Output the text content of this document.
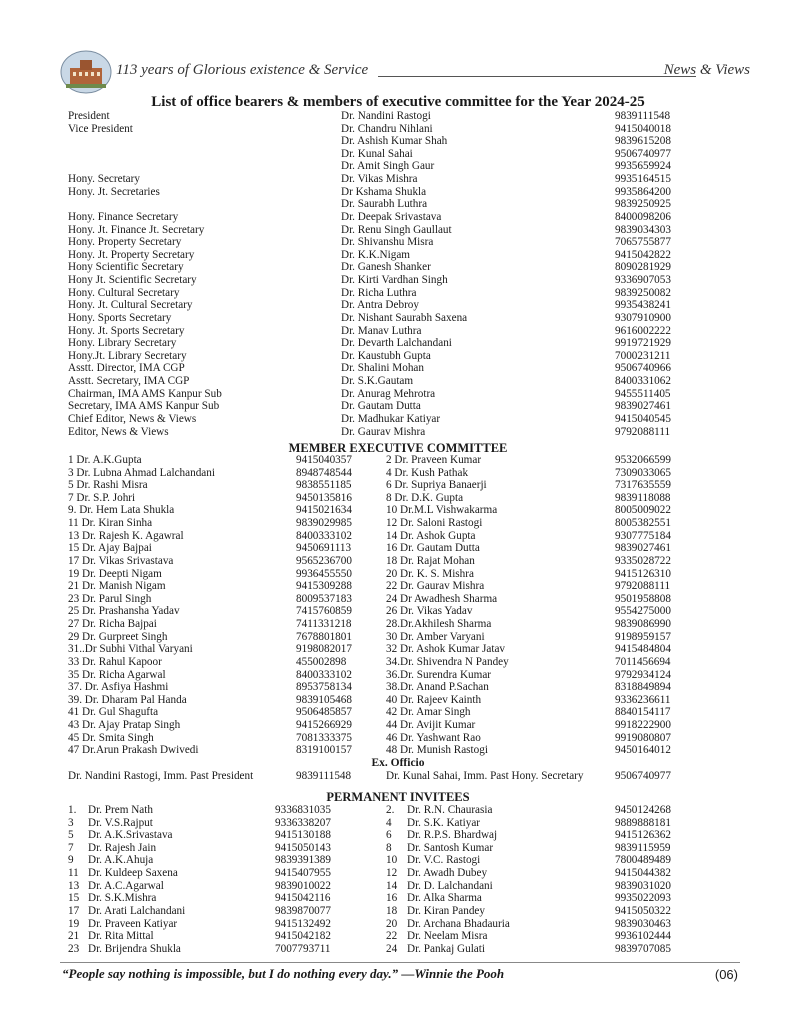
113 years of Glorious existence & Service	News & Views
List of office bearers & members of executive committee for the Year 2024-25
President	Dr. Nandini Rastogi	9839111548
Vice President	Dr. Chandru Nihlani	9415040018
Dr. Ashish Kumar Shah	9839615208
Dr. Kunal Sahai	9506740977
Dr. Amit Singh Gaur	9935659924
Hony. Secretary	Dr. Vikas Mishra	9935164515
Hony. Jt. Secretaries	Dr Kshama Shukla	9935864200
Dr. Saurabh Luthra	9839250925
Hony. Finance Secretary	Dr. Deepak Srivastava	8400098206
Hony. Jt. Finance Jt. Secretary	Dr. Renu Singh Gaullaut	9839034303
Hony. Property Secretary	Dr. Shivanshu Misra	7065755877
Hony. Jt. Property Secretary	Dr. K.K.Nigam	9415042822
Hony Scientific Secretary	Dr. Ganesh Shanker	8090281929
Hony Jt. Scientific Secretary	Dr. Kirti Vardhan Singh	9336907053
Hony. Cultural Secretary	Dr. Richa Luthra	9839250082
Hony. Jt. Cultural Secretary	Dr. Antra Debroy	9935438241
Hony. Sports Secretary	Dr. Nishant Saurabh Saxena	9307910900
Hony. Jt. Sports Secretary	Dr. Manav Luthra	9616002222
Hony. Library Secretary	Dr. Devarth Lalchandani	9919721929
Hony.Jt. Library Secretary	Dr. Kaustubh Gupta	7000231211
Asstt. Director, IMA CGP	Dr. Shalini Mohan	9506740966
Asstt. Secretary, IMA CGP	Dr. S.K.Gautam	8400331062
Chairman, IMA AMS Kanpur Sub	Dr. Anurag Mehrotra	9455511405
Secretary, IMA AMS Kanpur Sub	Dr. Gautam Dutta	9839027461
Chief Editor, News & Views	Dr. Madhukar Katiyar	9415040545
Editor, News & Views	Dr. Gaurav Mishra	9792088111
MEMBER EXECUTIVE COMMITTEE
1 Dr. A.K.Gupta	9415040357	2 Dr. Praveen Kumar	9532066599
3 Dr. Lubna Ahmad Lalchandani	8948748544	4 Dr. Kush Pathak	7309033065
5 Dr. Rashi Misra	9838551185	6 Dr. Supriya Banaerji	7317635559
7 Dr. S.P. Johri	9450135816	8 Dr. D.K. Gupta	9839118088
9. Dr. Hem Lata Shukla	9415021634	10 Dr.M.L Vishwakarma	8005009022
11 Dr. Kiran Sinha	9839029985	12 Dr. Saloni Rastogi	8005382551
13 Dr. Rajesh K. Agawral	8400333102	14 Dr. Ashok Gupta	9307775184
15 Dr. Ajay Bajpai	9450691113	16 Dr. Gautam Dutta	9839027461
17 Dr. Vikas Srivastava	9565236700	18 Dr. Rajat Mohan	9335028722
19 Dr. Deepti Nigam	9936455550	20 Dr. K. S. Mishra	9415126310
21 Dr. Manish Nigam	9415309288	22 Dr. Gaurav Mishra	9792088111
23 Dr. Parul Singh	8009537183	24 Dr Awadhesh Sharma	9501958808
25 Dr. Prashansha Yadav	7415760859	26 Dr. Vikas Yadav	9554275000
27 Dr. Richa Bajpai	7411331218	28.Dr.Akhilesh Sharma	9839086990
29 Dr. Gurpreet Singh	7678801801	30 Dr. Amber Varyani	9198959157
31..Dr Subhi Vithal Varyani	9198082017	32 Dr. Ashok Kumar Jatav	9415484804
33 Dr. Rahul Kapoor	455002898	34.Dr. Shivendra N Pandey	7011456694
35 Dr. Richa Agarwal	8400333102	36.Dr. Surendra Kumar	9792934124
37. Dr. Asfiya Hashmi	8953758134	38.Dr. Anand P.Sachan	8318849894
39. Dr. Dharam Pal Handa	9839105468	40 Dr. Rajeev Kainth	9336236611
41 Dr. Gul Shagufta	9506485857	42 Dr. Amar Singh	8840154117
43 Dr. Ajay Pratap Singh	9415266929	44 Dr. Avijit Kumar	9918222900
45 Dr. Smita Singh	7081333375	46 Dr. Yashwant Rao	9919080807
47 Dr.Arun Prakash Dwivedi	8319100157	48 Dr. Munish Rastogi	9450164012
Ex. Officio
Dr. Nandini Rastogi, Imm. Past President	9839111548	Dr. Kunal Sahai, Imm. Past Hony. Secretary	9506740977
PERMANENT INVITEES
1. Dr. Prem Nath	9336831035	2. Dr. R.N. Chaurasia	9450124268
3 Dr. V.S.Rajput	9336338207	4 Dr. S.K. Katiyar	9889888181
5 Dr. A.K.Srivastava	9415130188	6 Dr. R.P.S. Bhardwaj	9415126362
7 Dr. Rajesh Jain	9415050143	8 Dr. Santosh Kumar	9839115959
9 Dr. A.K.Ahuja	9839391389	10 Dr. V.C. Rastogi	7800489489
11 Dr. Kuldeep Saxena	9415407955	12 Dr. Awadh Dubey	9415044382
13 Dr. A.C.Agarwal	9839010022	14 Dr. D. Lalchandani	9839031020
15 Dr. S.K.Mishra	9415042116	16 Dr. Alka Sharma	9935022093
17 Dr. Arati Lalchandani	9839870077	18 Dr. Kiran Pandey	9415050322
19 Dr. Praveen Katiyar	9415132492	20 Dr. Archana Bhadauria	9839030463
21 Dr. Rita Mittal	9415042182	22 Dr. Neelam Misra	9936102444
23 Dr. Brijendra Shukla	7007793711	24 Dr. Pankaj Gulati	9839707085
“People say nothing is impossible, but I do nothing every day.” —Winnie the Pooh	(06)
